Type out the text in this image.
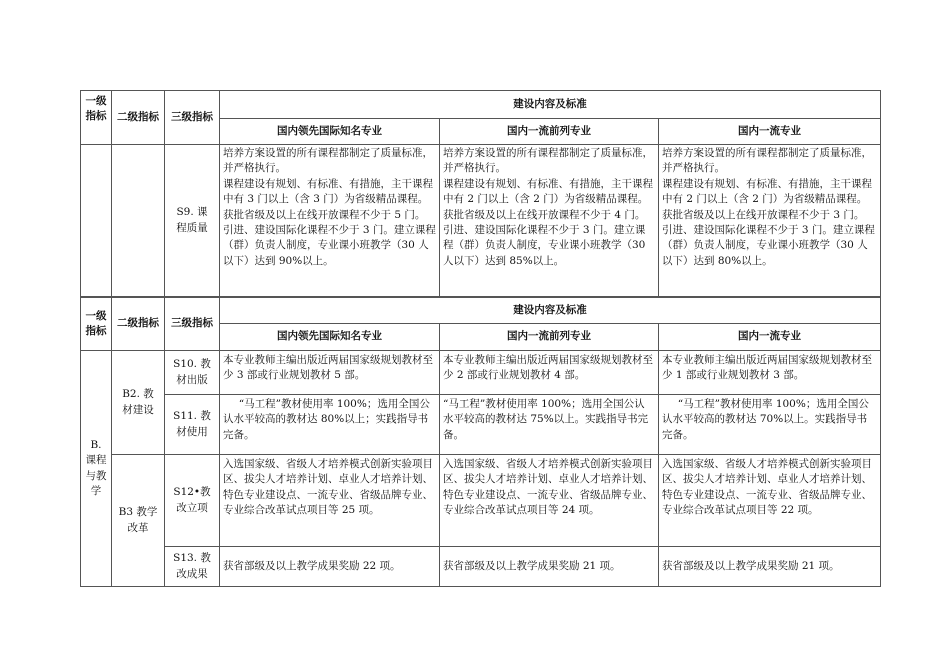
一级指标	二级指标	三级指标	建设内容及标准		
			国内领先国际知名专业	国内一流前列专业	国内一流专业
		S9. 课程质量	培养方案设置的所有课程都制定了质量标准，并严格执行。
课程建设有规划、有标准、有措施，主干课程中有 3 门以上（含 3 门）为省级精品课程。获批省级及以上在线开放课程不少于 5 门。
引进、建设国际化课程不少于 3 门。建立课程（群）负责人制度，专业课小班教学（30 人以下）达到 90%以上。	培养方案设置的所有课程都制定了质量标准，并严格执行。
课程建设有规划、有标准、有措施，主干课程中有 2 门以上（含 2 门）为省级精品课程。获批省级及以上在线开放课程不少于 4 门。
引进、建设国际化课程不少于 3 门。建立课程（群）负责人制度，专业课小班教学（30 人以下）达到 85%以上。	培养方案设置的所有课程都制定了质量标准，并严格执行。
课程建设有规划、有标准、有措施，主干课程中有 2 门以上（含 2 门）为省级精品课程。获批省级及以上在线开放课程不少于 3 门。
引进、建设国际化课程不少于 3 门。建立课程（群）负责人制度，专业课小班教学（30 人以下）达到 80%以上。
一级指标	二级指标	三级指标	建设内容及标准		
			国内领先国际知名专业	国内一流前列专业	国内一流专业
B. 课程与教学	B2. 教材建设	S10. 教材出版	本专业教师主编出版近两届国家级规划教材至少 3 部或行业规划教材 5 部。	本专业教师主编出版近两届国家级规划教材至少 2 部或行业规划教材 4 部。	本专业教师主编出版近两届国家级规划教材至少 1 部或行业规划教材 3 部。
		S11. 教材使用	“马工程”教材使用率 100%；选用全国公认水平较高的教材达 80%以上；实践指导书完备。	“马工程”教材使用率 100%；选用全国公认水平较高的教材达 75%以上。实践指导书完备。	“马工程”教材使用率 100%；选用全国公认水平较高的教材达 70%以上。实践指导书完备。
	B3 教学改革	S12•教改立项	入选国家级、省级人才培养模式创新实验项目区、拔尖人才培养计划、卓业人才培养计划、特色专业建设点、一流专业、省级品牌专业、专业综合改革试点项目等 25 项。	入选国家级、省级人才培养模式创新实验项目区、拔尖人才培养计划、卓业人才培养计划、特色专业建设点、一流专业、省级品牌专业、专业综合改革试点项目等 24 项。	入选国家级、省级人才培养模式创新实验项目区、拔尖人才培养计划、卓业人才培养计划、特色专业建设点、一流专业、省级品牌专业、专业综合改革试点项目等 22 项。
		S13. 教改成果	获省部级及以上教学成果奖励 22 项。	获省部级及以上教学成果奖励 21 项。	获省部级及以上教学成果奖励 21 项。
